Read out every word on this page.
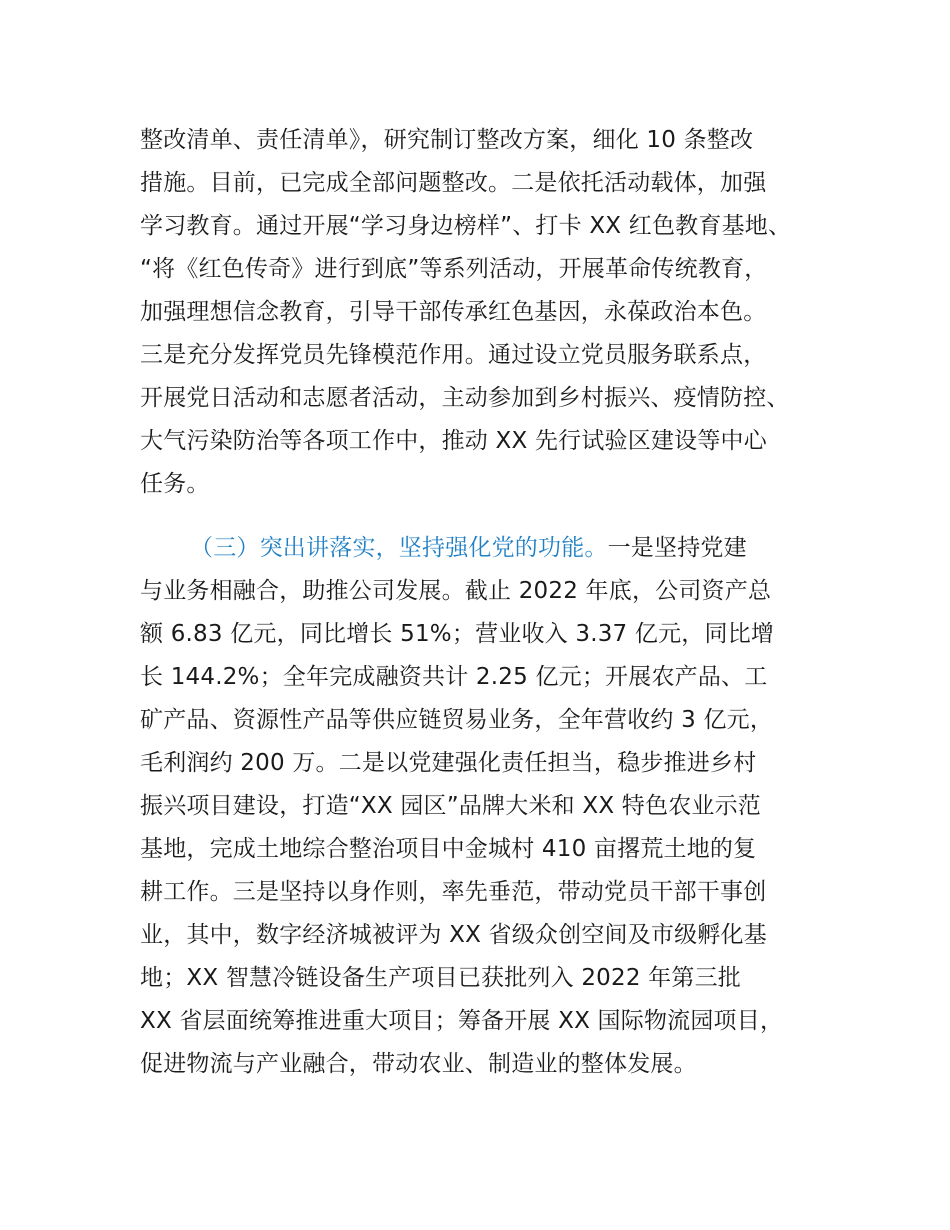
整改清单、责任清单》，研究制订整改方案，细化 10 条整改
措施。目前，已完成全部问题整改。二是依托活动载体，加强
学习教育。通过开展“学习身边榜样”、打卡 XX 红色教育基地、
“将《红色传奇》进行到底”等系列活动，开展革命传统教育，
加强理想信念教育，引导干部传承红色基因，永葆政治本色。
三是充分发挥党员先锋模范作用。通过设立党员服务联系点，
开展党日活动和志愿者活动，主动参加到乡村振兴、疫情防控、
大气污染防治等各项工作中，推动 XX 先行试验区建设等中心
任务。
（三）突出讲落实，坚持强化党的功能。一是坚持党建
与业务相融合，助推公司发展。截止 2022 年底，公司资产总
额 6.83 亿元，同比增长 51%；营业收入 3.37 亿元，同比增
长 144.2%；全年完成融资共计 2.25 亿元；开展农产品、工
矿产品、资源性产品等供应链贸易业务，全年营收约 3 亿元，
毛利润约 200 万。二是以党建强化责任担当，稳步推进乡村
振兴项目建设，打造“XX 园区”品牌大米和 XX 特色农业示范
基地，完成土地综合整治项目中金城村 410 亩撂荒土地的复
耕工作。三是坚持以身作则，率先垂范，带动党员干部干事创
业，其中，数字经济城被评为 XX 省级众创空间及市级孵化基
地；XX 智慧冷链设备生产项目已获批列入 2022 年第三批
XX 省层面统筹推进重大项目；筹备开展 XX 国际物流园项目，
促进物流与产业融合，带动农业、制造业的整体发展。
